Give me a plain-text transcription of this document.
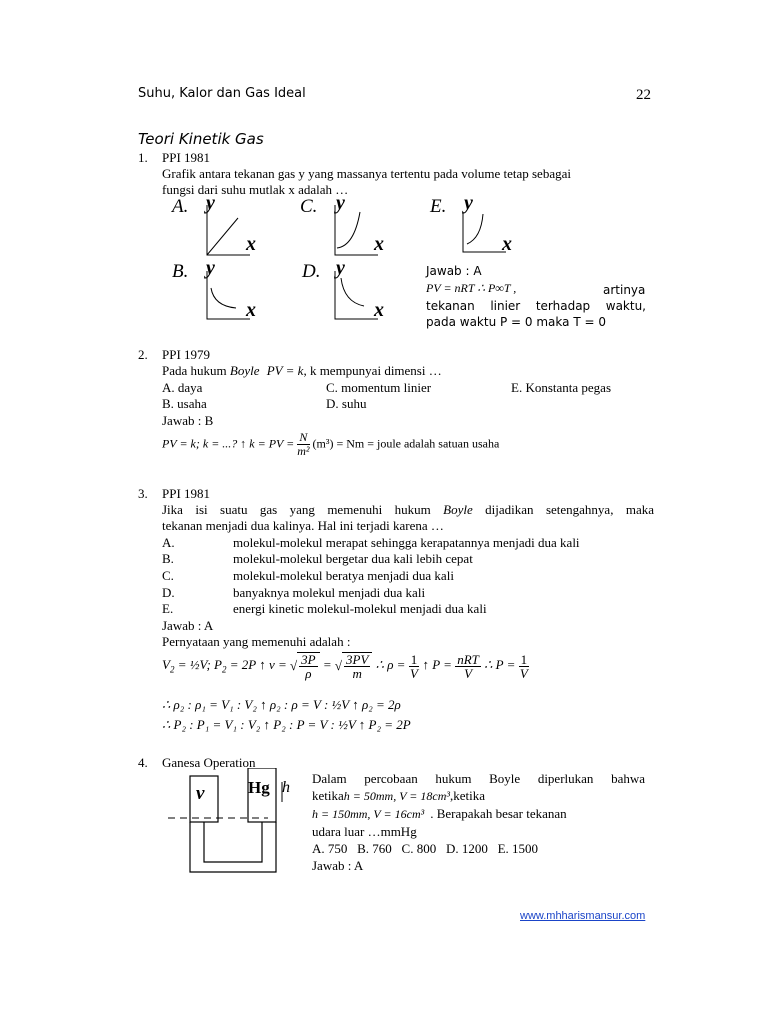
Suhu, Kalor dan Gas Ideal	22
Teori Kinetik Gas
1. PPI 1981
Grafik antara tekanan gas y yang massanya tertentu pada volume tetap sebagai
fungsi dari suhu mutlak x adalah …
A. y
x
C. y
x
E. y
x
B. y
x
D. y
x
Jawab : A
PV = nRT ∴ P∞T ,	artinya
tekanan linier terhadap waktu,
pada waktu P = 0 maka T = 0
2. PPI 1979
Pada hukum Boyle PV = k, k mempunyai dimensi …
A. daya	C. momentum linier	E. Konstanta pegas
B. usaha	D. suhu
Jawab : B
PV = k; k = ...? ↑ k = PV = $\frac{N}{\text{m²}} (m^3) = Nm$ = joule adalah satuan usaha
3. PPI 1981
Jika isi suatu gas yang memenuhi hukum Boyle dijadikan setengahnya, maka
tekanan menjadi dua kalinya. Hal ini terjadi karena …
A.	molekul-molekul merapat sehingga kerapatannya menjadi dua kali
B.	molekul-molekul bergetar dua kali lebih cepat
C.	molekul-molekul beratya menjadi dua kali
D.	banyaknya molekul menjadi dua kali
E.	energi kinetic molekul-molekul menjadi dua kali
Jawab : A
Pernyataan yang memenuhi adalah :
$V_2$ = ½V; $P_2 = 2P$ ↑ v = √ $\frac{3P}{\rho}$ = √ $\frac{3PV}{m}$ ∴ $\rho = \frac{1}{V}$ ↑ $P = \frac{\text{nRT}}{V}$ ∴ $P = \frac{1}{V}$
∴ ρ₂ : ρ₁ = V₁ : V₂ ↑ ρ₂ : ρ = V : ½V ↑ ρ₂ = 2ρ
∴ P₂ : P₁ = V₁ : V₂ ↑ P₂ : P = V : ½V ↑ P₂ = 2P
4. Ganesa Operation
v	Hg h
Dalam percobaan hukum Boyle diperlukan bahwa
ketikah = 50mm, V = 18cm³,ketika
h = 150mm, V = 16cm³ . Berapakah besar tekanan
udara luar …mmHg
A. 750   B. 760   C. 800   D. 1200   E. 1500
Jawab : A
www.mhharismansur.com
